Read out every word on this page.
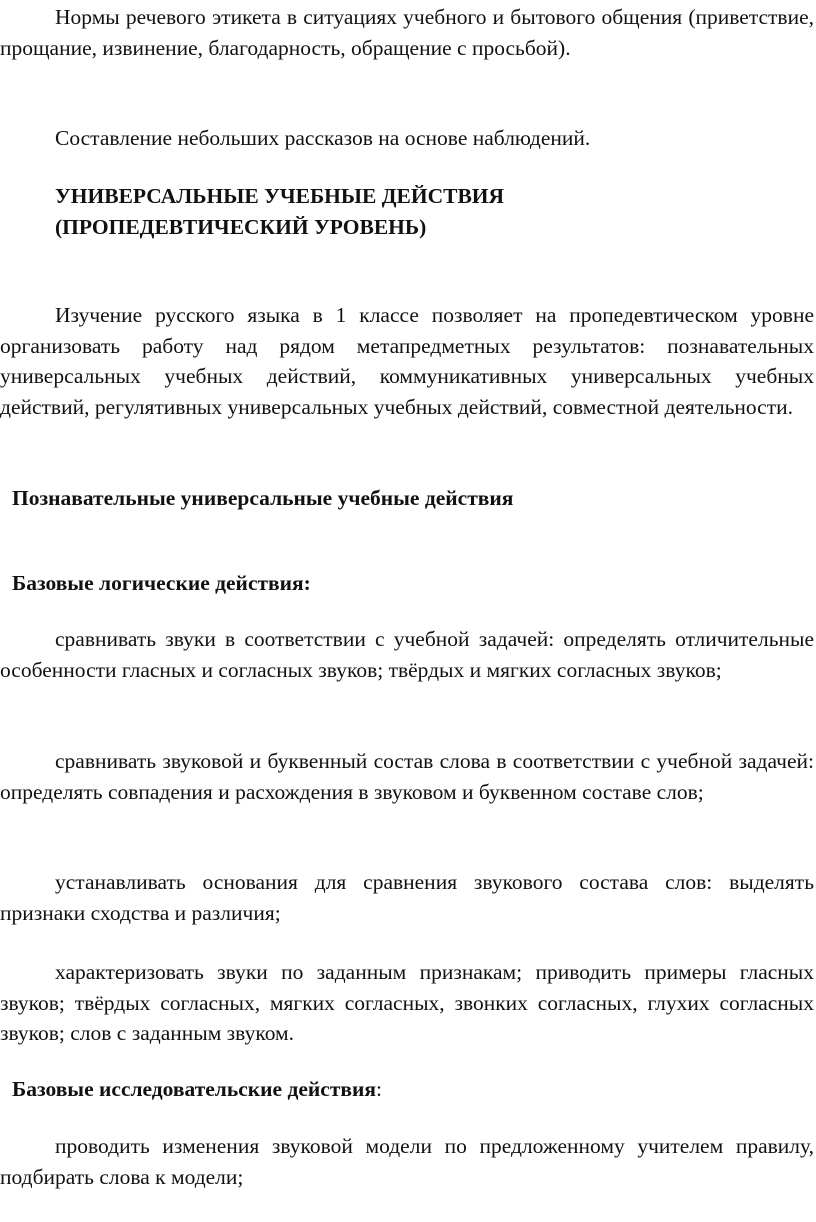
Нормы речевого этикета в ситуациях учебного и бытового общения (приветствие, прощание, извинение, благодарность, обращение с просьбой).

Составление небольших рассказов на основе наблюдений.

УНИВЕРСАЛЬНЫЕ УЧЕБНЫЕ ДЕЙСТВИЯ
(ПРОПЕДЕВТИЧЕСКИЙ УРОВЕНЬ)

Изучение русского языка в 1 классе позволяет на пропедевтическом уровне организовать работу над рядом метапредметных результатов: познавательных универсальных учебных действий, коммуникативных универсальных учебных действий, регулятивных универсальных учебных действий, совместной деятельности.

Познавательные универсальные учебные действия

Базовые логические действия:

сравнивать звуки в соответствии с учебной задачей: определять отличительные особенности гласных и согласных звуков; твёрдых и мягких согласных звуков;

сравнивать звуковой и буквенный состав слова в соответствии с учебной задачей: определять совпадения и расхождения в звуковом и буквенном составе слов;

устанавливать основания для сравнения звукового состава слов: выделять признаки сходства и различия;

характеризовать звуки по заданным признакам; приводить примеры гласных звуков; твёрдых согласных, мягких согласных, звонких согласных, глухих согласных звуков; слов с заданным звуком.

Базовые исследовательские действия:

проводить изменения звуковой модели по предложенному учителем правилу, подбирать слова к модели;
